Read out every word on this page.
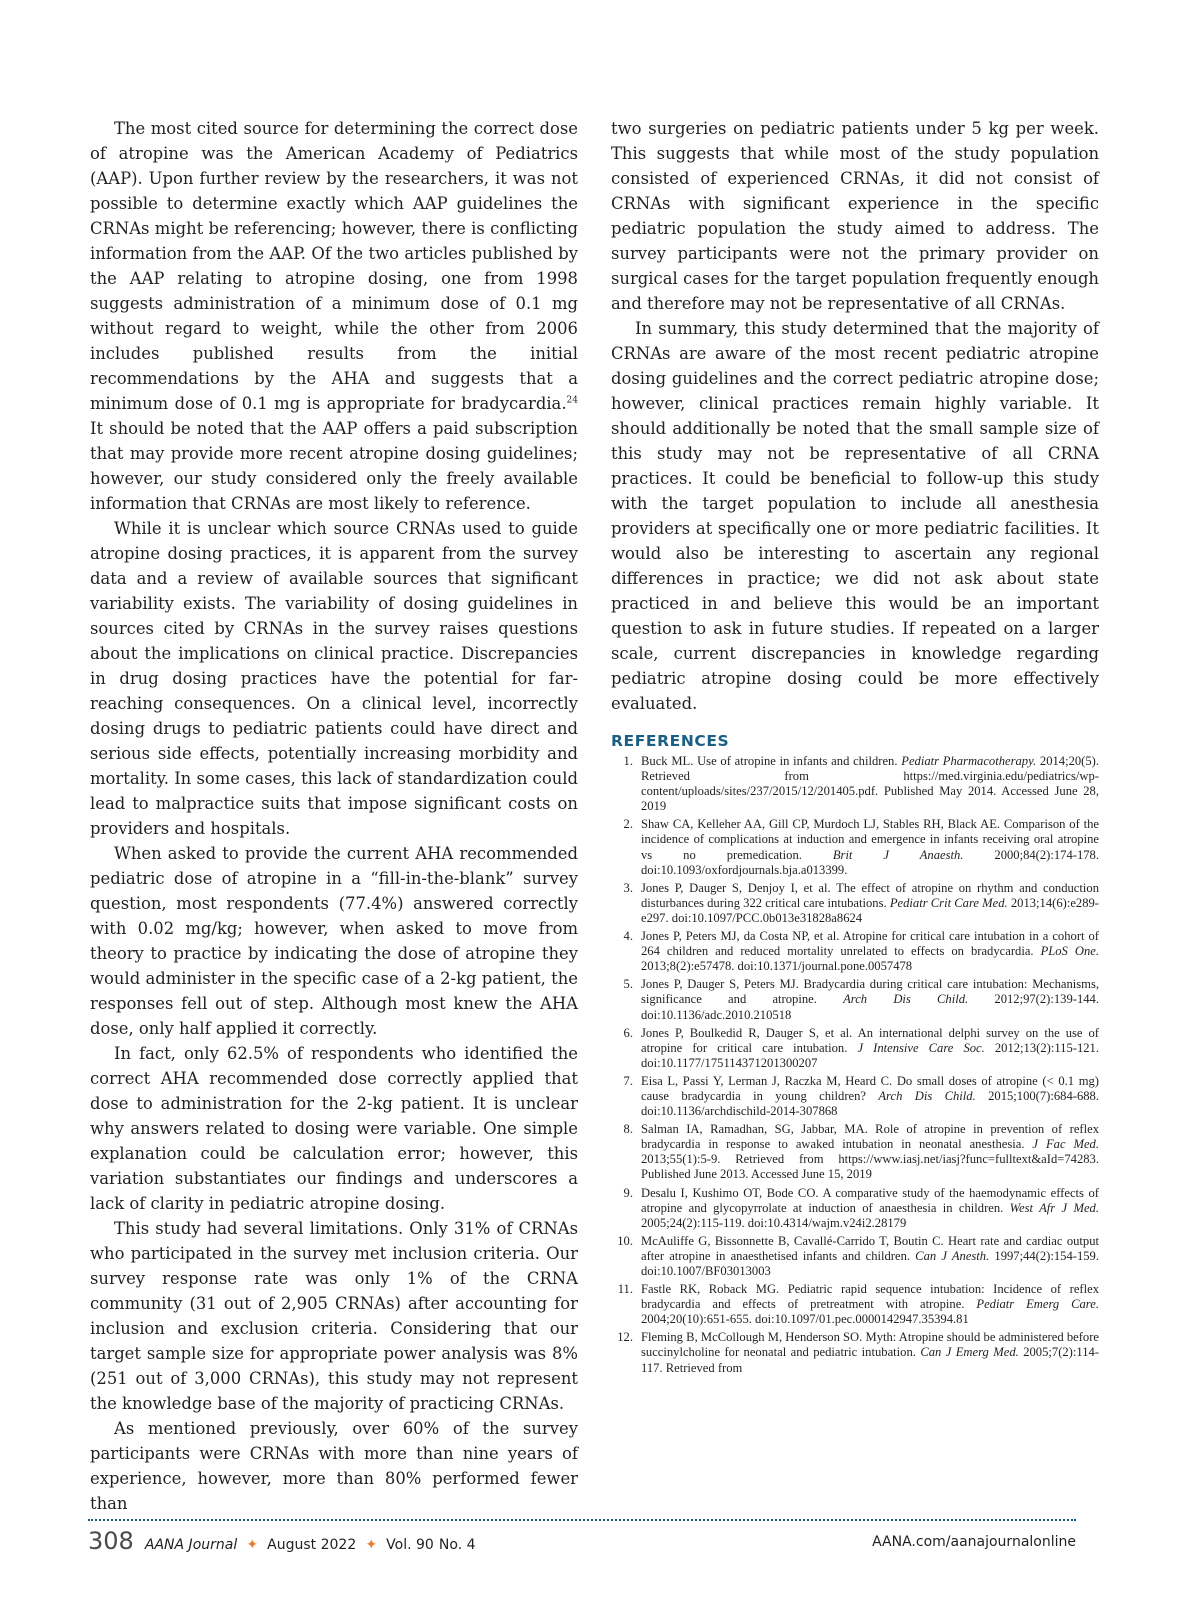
The most cited source for determining the correct dose of atropine was the American Academy of Pediatrics (AAP). Upon further review by the researchers, it was not possible to determine exactly which AAP guidelines the CRNAs might be referencing; however, there is conflicting information from the AAP. Of the two articles published by the AAP relating to atropine dosing, one from 1998 suggests administration of a minimum dose of 0.1 mg without regard to weight, while the other from 2006 includes published results from the initial recommendations by the AHA and suggests that a minimum dose of 0.1 mg is appropriate for bradycardia.$^{24}$ It should be noted that the AAP offers a paid subscription that may provide more recent atropine dosing guidelines; however, our study considered only the freely available information that CRNAs are most likely to reference.

While it is unclear which source CRNAs used to guide atropine dosing practices, it is apparent from the survey data and a review of available sources that significant variability exists. The variability of dosing guidelines in sources cited by CRNAs in the survey raises questions about the implications on clinical practice. Discrepancies in drug dosing practices have the potential for far-reaching consequences. On a clinical level, incorrectly dosing drugs to pediatric patients could have direct and serious side effects, potentially increasing morbidity and mortality. In some cases, this lack of standardization could lead to malpractice suits that impose significant costs on providers and hospitals.

When asked to provide the current AHA recommended pediatric dose of atropine in a “fill-in-the-blank” survey question, most respondents (77.4%) answered correctly with 0.02 mg/kg; however, when asked to move from theory to practice by indicating the dose of atropine they would administer in the specific case of a 2-kg patient, the responses fell out of step. Although most knew the AHA dose, only half applied it correctly.

In fact, only 62.5% of respondents who identified the correct AHA recommended dose correctly applied that dose to administration for the 2-kg patient. It is unclear why answers related to dosing were variable. One simple explanation could be calculation error; however, this variation substantiates our findings and underscores a lack of clarity in pediatric atropine dosing.

This study had several limitations. Only 31% of CRNAs who participated in the survey met inclusion criteria. Our survey response rate was only 1% of the CRNA community (31 out of 2,905 CRNAs) after accounting for inclusion and exclusion criteria. Considering that our target sample size for appropriate power analysis was 8% (251 out of 3,000 CRNAs), this study may not represent the knowledge base of the majority of practicing CRNAs.

As mentioned previously, over 60% of the survey participants were CRNAs with more than nine years of experience, however, more than 80% performed fewer than

two surgeries on pediatric patients under 5 kg per week. This suggests that while most of the study population consisted of experienced CRNAs, it did not consist of CRNAs with significant experience in the specific pediatric population the study aimed to address. The survey participants were not the primary provider on surgical cases for the target population frequently enough and therefore may not be representative of all CRNAs.

In summary, this study determined that the majority of CRNAs are aware of the most recent pediatric atropine dosing guidelines and the correct pediatric atropine dose; however, clinical practices remain highly variable. It should additionally be noted that the small sample size of this study may not be representative of all CRNA practices. It could be beneficial to follow-up this study with the target population to include all anesthesia providers at specifically one or more pediatric facilities. It would also be interesting to ascertain any regional differences in practice; we did not ask about state practiced in and believe this would be an important question to ask in future studies. If repeated on a larger scale, current discrepancies in knowledge regarding pediatric atropine dosing could be more effectively evaluated.

REFERENCES
1. Buck ML. Use of atropine in infants and children. Pediatr Pharmacotherapy. 2014;20(5). Retrieved from https://med.virginia.edu/pediatrics/wp-content/uploads/sites/237/2015/12/201405.pdf. Published May 2014. Accessed June 28, 2019
2. Shaw CA, Kelleher AA, Gill CP, Murdoch LJ, Stables RH, Black AE. Comparison of the incidence of complications at induction and emergence in infants receiving oral atropine vs no premedication. Brit J Anaesth. 2000;84(2):174-178. doi:10.1093/oxfordjournals.bja.a013399.
3. Jones P, Dauger S, Denjoy I, et al. The effect of atropine on rhythm and conduction disturbances during 322 critical care intubations. Pediatr Crit Care Med. 2013;14(6):e289-e297. doi:10.1097/PCC.0b013e31828a8624
4. Jones P, Peters MJ, da Costa NP, et al. Atropine for critical care intubation in a cohort of 264 children and reduced mortality unrelated to effects on bradycardia. PLoS One. 2013;8(2):e57478. doi:10.1371/journal.pone.0057478
5. Jones P, Dauger S, Peters MJ. Bradycardia during critical care intubation: Mechanisms, significance and atropine. Arch Dis Child. 2012;97(2):139-144. doi:10.1136/adc.2010.210518
6. Jones P, Boulkedid R, Dauger S, et al. An international delphi survey on the use of atropine for critical care intubation. J Intensive Care Soc. 2012;13(2):115-121. doi:10.1177/175114371201300207
7. Eisa L, Passi Y, Lerman J, Raczka M, Heard C. Do small doses of atropine (< 0.1 mg) cause bradycardia in young children? Arch Dis Child. 2015;100(7):684-688. doi:10.1136/archdischild-2014-307868
8. Salman IA, Ramadhan, SG, Jabbar, MA. Role of atropine in prevention of reflex bradycardia in response to awaked intubation in neonatal anesthesia. J Fac Med. 2013;55(1):5-9. Retrieved from https://www.iasj.net/iasj?func=fulltext&aId=74283. Published June 2013. Accessed June 15, 2019
9. Desalu I, Kushimo OT, Bode CO. A comparative study of the haemodynamic effects of atropine and glycopyrrolate at induction of anaesthesia in children. West Afr J Med. 2005;24(2):115-119. doi:10.4314/wajm.v24i2.28179
10. McAuliffe G, Bissonnette B, Cavallé-Carrido T, Boutin C. Heart rate and cardiac output after atropine in anaesthetised infants and children. Can J Anesth. 1997;44(2):154-159. doi:10.1007/BF03013003
11. Fastle RK, Roback MG. Pediatric rapid sequence intubation: Incidence of reflex bradycardia and effects of pretreatment with atropine. Pediatr Emerg Care. 2004;20(10):651-655. doi:10.1097/01.pec.0000142947.35394.81
12. Fleming B, McCollough M, Henderson SO. Myth: Atropine should be administered before succinylcholine for neonatal and pediatric intubation. Can J Emerg Med. 2005;7(2):114-117. Retrieved from
308 AANA Journal ✦ August 2022 ✦ Vol. 90 No. 4	AANA.com/aanajournalonline
